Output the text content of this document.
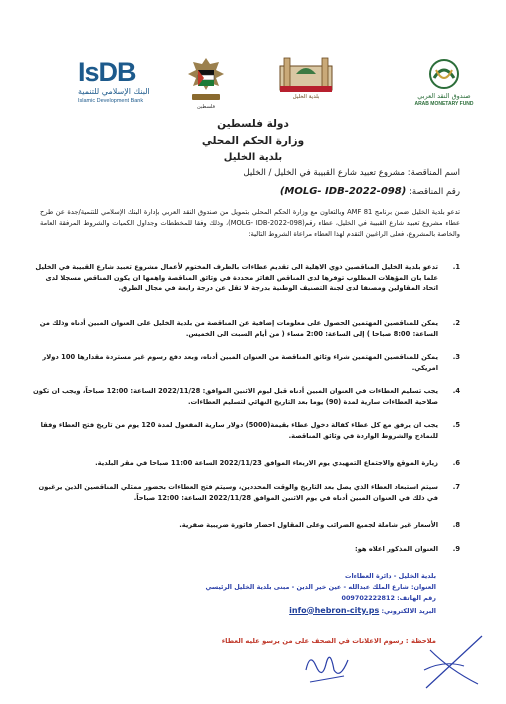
IsDB
البنك الإسلامي للتنمية
Islamic Development Bank
فلسطين
بلدية الخليل	صندوق النقد العربي
ARAB MONETARY FUND
دولة فلسطين
وزارة الحكم المحلي
بلدية الخليل
اسم المناقصة: مشروع تعبيد شارع القبيبة في الخليل / الخليل
رقم المناقصة: (MOLG- IDB-2022-098)
تدعو بلدية الخليل ضمن برنامج AMF 81 وبالتعاون مع وزارة الحكم المحلي بتمويل من صندوق النقد العربي بإدارة البنك الإسلامي للتنمية/جدة عن طرح عطاء مشروع تعبيد شارع القبيبة في الخليل، عطاء رقم(MOLG- IDB-2022-098)، وذلك وفقا للمخططات وجداول الكميات والشروط المرفقة العامة والخاصة بالمشروع، فعلى الراغبين التقدم لهذا العطاء مراعاة الشروط التالية:
1.
تدعو بلدية الخليل المناقصين ذوي الاهلية الى تقديم عطاءات بالظرف المختوم لأعمال مشروع تعبيد شارع القبيبة في الخليل علما بان المؤهلات المطلوب توفرها لدى المناقص الفائز محددة في وثائق المناقصة واهمها ان يكون المناقص مسجلا لدى اتحاد المقاولين ومصنفا لدى لجنة التصنيف الوطنية بدرجة لا تقل عن درجة رابعة في مجال الطرق.
2.
يمكن للمناقصين المهتمين الحصول على معلومات إضافية عن المناقصة من بلدية الخليل على العنوان المبين أدناه وذلك من الساعة: 8:00 صباحا ) إلى الساعة: 2:00 مساء ( من أيام السبت الى الخميس.
3.
يمكن للمناقصين المهتمين شراء وثائق المناقصة من العنوان المبين أدناه، وبعد دفع رسوم غير مستردة مقدارها 100 دولار امريكي.
4.
يجب تسليم العطاءات في العنوان المبين أدناه قبل ليوم الاثنين الموافق: 2022/11/28 الساعة: 12:00 صباحاً، ويجب ان تكون صلاحية العطاءات سارية لمدة (90) يوما بعد التاريخ النهائي لتسليم العطاءات.
5.
يجب ان يرفق مع كل عطاء كفالة دخول عطاء بقيمة(5000) دولار سارية المفعول لمدة 120 يوم من تاريخ فتح العطاء وفقا للنماذج والشروط الواردة في وثائق المناقصة.
6.
زيارة الموقع والاجتماع التمهيدي يوم الاربعاء الموافق 2022/11/23 الساعة 11:00 صباحا في مقر البلدية.
7.
سيتم استبعاد العطاء الذي يصل بعد التاريخ والوقت المحددين، وسيتم فتح العطاءات بحضور ممثلي المناقصين الذين يرغبون في ذلك في العنوان المبين أدناه في يوم الاثنين الموافق 2022/11/28 الساعة: 12:00 صباحاً.
8.
الأسعار غير شاملة لجميع الضرائب وعلى المقاول احضار فاتورة ضريبية صفرية.
9.
العنوان المذكور اعلاه هو:
بلدية الخليل - دائرة العطاءات
العنوان: شارع الملك عبدالله - عين خير الدين - مبنى بلدية الخليل الرئيسي
رقم الهاتف: 009702222812
البريد الالكتروني: info@hebron-city.ps
ملاحظة : رسوم الاعلانات في الصحف على من يرسو عليه العطاء
